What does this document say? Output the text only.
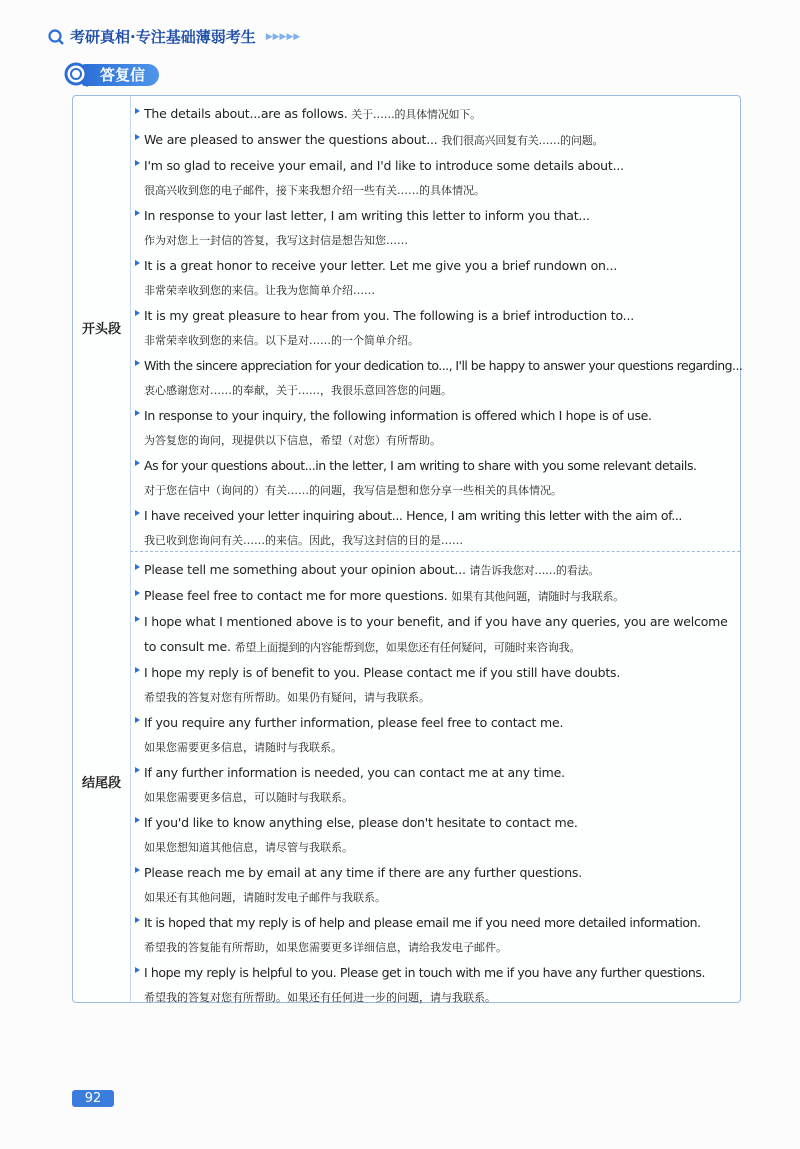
考研真相·专注基础薄弱考生 ▶▶▶▶▶
答复信
开头段
结尾段
The details about...are as follows. 关于……的具体情况如下。
We are pleased to answer the questions about... 我们很高兴回复有关……的问题。
I'm so glad to receive your email, and I'd like to introduce some details about...
很高兴收到您的电子邮件，接下来我想介绍一些有关……的具体情况。
In response to your last letter, I am writing this letter to inform you that...
作为对您上一封信的答复，我写这封信是想告知您……
It is a great honor to receive your letter. Let me give you a brief rundown on...
非常荣幸收到您的来信。让我为您简单介绍……
It is my great pleasure to hear from you. The following is a brief introduction to...
非常荣幸收到您的来信。以下是对……的一个简单介绍。
With the sincere appreciation for your dedication to..., I'll be happy to answer your questions regarding...
衷心感谢您对……的奉献，关于……，我很乐意回答您的问题。
In response to your inquiry, the following information is offered which I hope is of use.
为答复您的询问，现提供以下信息，希望（对您）有所帮助。
As for your questions about...in the letter, I am writing to share with you some relevant details.
对于您在信中（询问的）有关……的问题，我写信是想和您分享一些相关的具体情况。
I have received your letter inquiring about... Hence, I am writing this letter with the aim of...
我已收到您询问有关……的来信。因此，我写这封信的目的是……
Please tell me something about your opinion about... 请告诉我您对……的看法。
Please feel free to contact me for more questions. 如果有其他问题，请随时与我联系。
I hope what I mentioned above is to your benefit, and if you have any queries, you are welcome to consult me. 希望上面提到的内容能帮到您，如果您还有任何疑问，可随时来咨询我。
I hope my reply is of benefit to you. Please contact me if you still have doubts.
希望我的答复对您有所帮助。如果仍有疑问，请与我联系。
If you require any further information, please feel free to contact me.
如果您需要更多信息，请随时与我联系。
If any further information is needed, you can contact me at any time.
如果您需要更多信息，可以随时与我联系。
If you'd like to know anything else, please don't hesitate to contact me.
如果您想知道其他信息，请尽管与我联系。
Please reach me by email at any time if there are any further questions.
如果还有其他问题，请随时发电子邮件与我联系。
It is hoped that my reply is of help and please email me if you need more detailed information.
希望我的答复能有所帮助，如果您需要更多详细信息，请给我发电子邮件。
I hope my reply is helpful to you. Please get in touch with me if you have any further questions.
希望我的答复对您有所帮助。如果还有任何进一步的问题，请与我联系。
92
